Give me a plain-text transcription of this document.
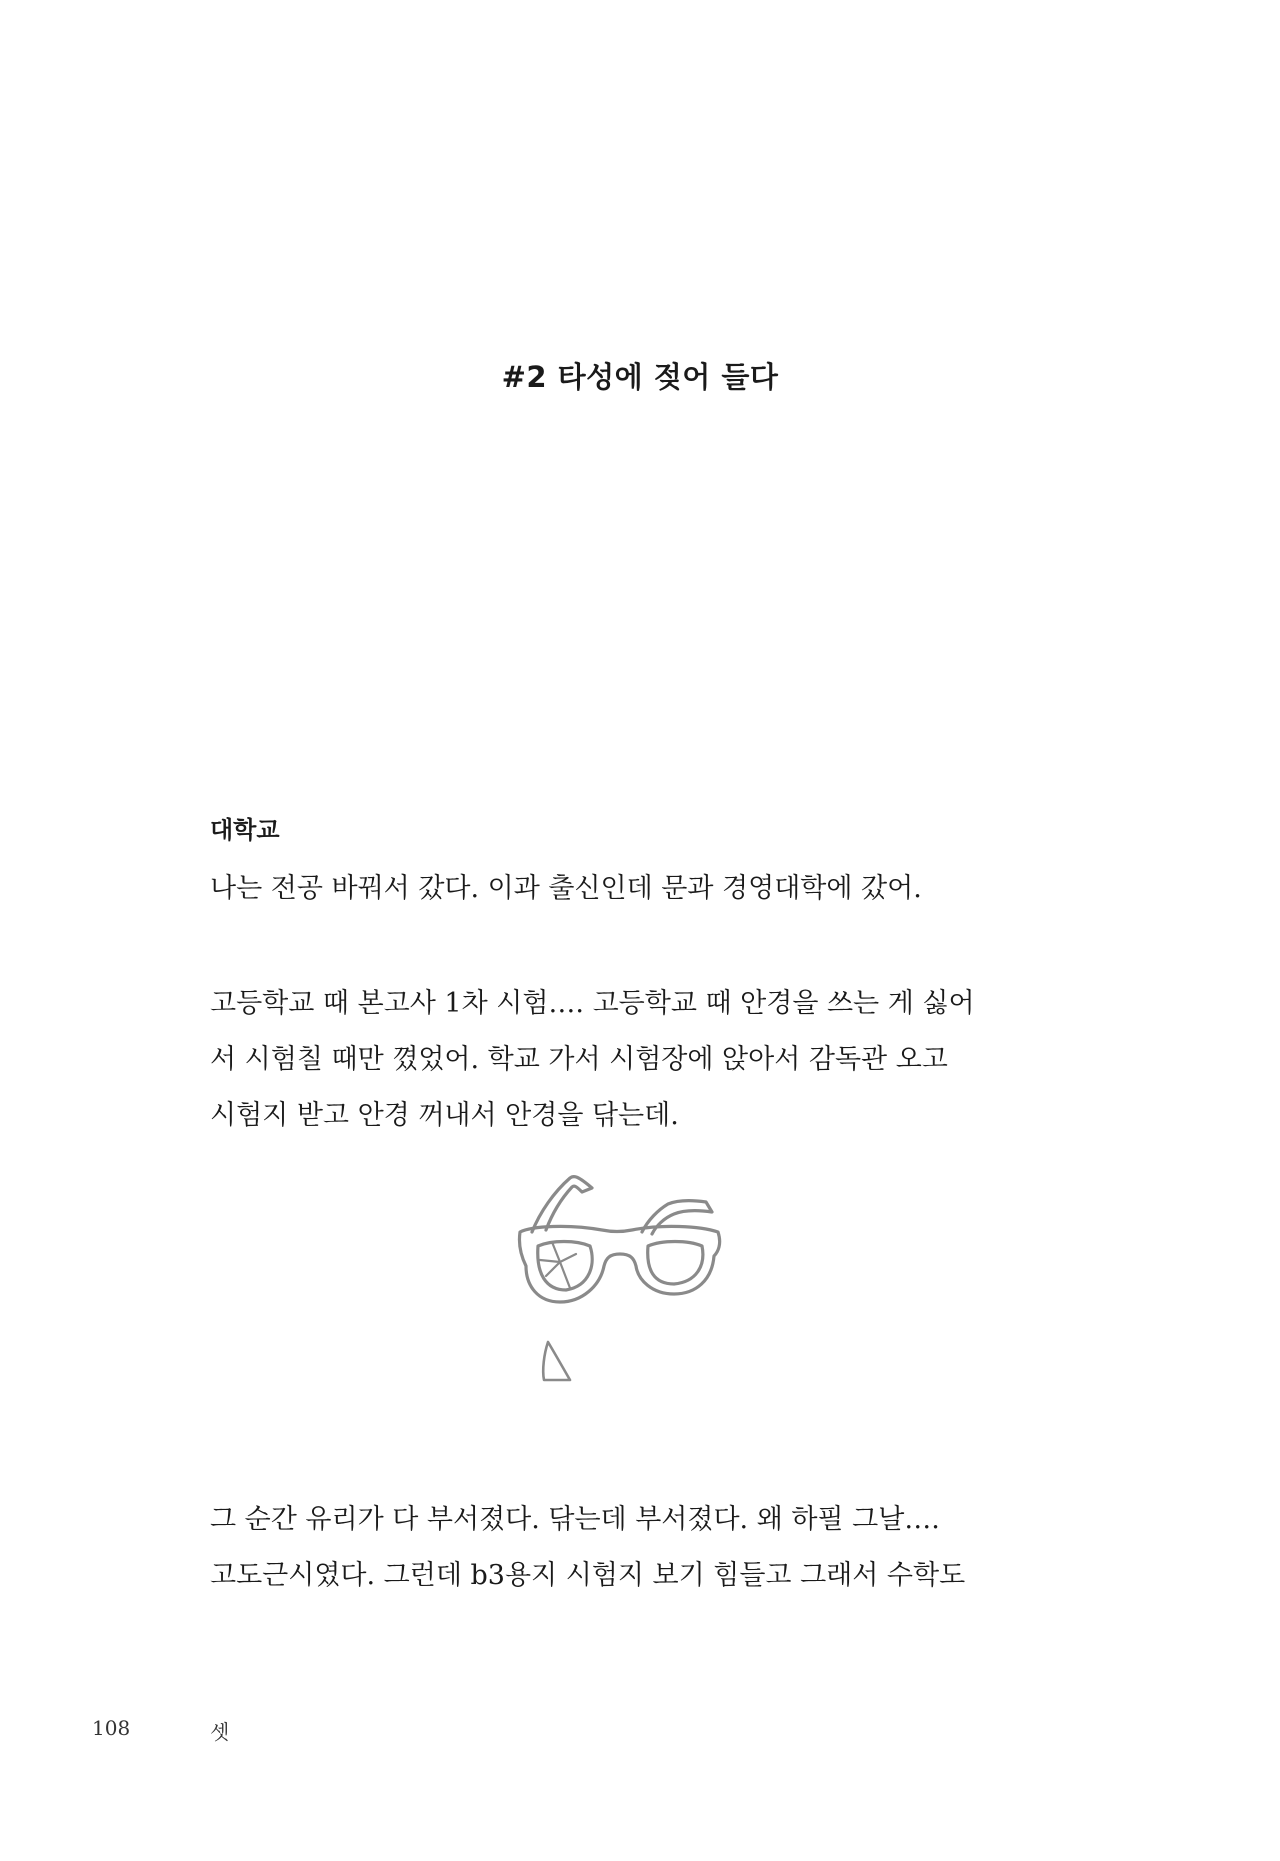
#2 타성에 젖어 들다
대학교
나는 전공 바꿔서 갔다. 이과 출신인데 문과 경영대학에 갔어.
고등학교 때 본고사 1차 시험…. 고등학교 때 안경을 쓰는 게 싫어
서 시험칠 때만 꼈었어. 학교 가서 시험장에 앉아서 감독관 오고
시험지 받고 안경 꺼내서 안경을 닦는데.
그 순간 유리가 다 부서졌다. 닦는데 부서졌다. 왜 하필 그날….
고도근시였다. 그런데 b3용지 시험지 보기 힘들고 그래서 수학도
108	셋
